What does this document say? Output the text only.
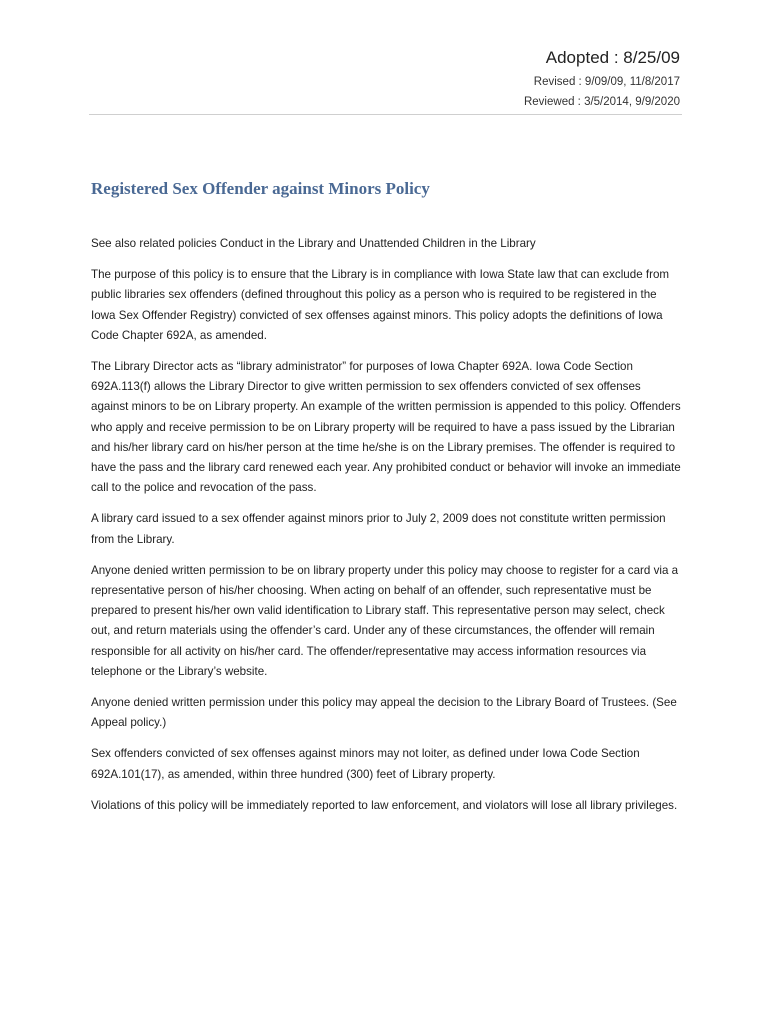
Adopted : 8/25/09
Revised : 9/09/09, 11/8/2017
Reviewed : 3/5/2014, 9/9/2020
Registered Sex Offender against Minors Policy

See also related policies Conduct in the Library and Unattended Children in the Library

The purpose of this policy is to ensure that the Library is in compliance with Iowa State law that can exclude from public libraries sex offenders (defined throughout this policy as a person who is required to be registered in the Iowa Sex Offender Registry) convicted of sex offenses against minors. This policy adopts the definitions of Iowa Code Chapter 692A, as amended.

The Library Director acts as “library administrator” for purposes of Iowa Chapter 692A. Iowa Code Section 692A.113(f) allows the Library Director to give written permission to sex offenders convicted of sex offenses against minors to be on Library property. An example of the written permission is appended to this policy. Offenders who apply and receive permission to be on Library property will be required to have a pass issued by the Librarian and his/her library card on his/her person at the time he/she is on the Library premises. The offender is required to have the pass and the library card renewed each year. Any prohibited conduct or behavior will invoke an immediate call to the police and revocation of the pass.

A library card issued to a sex offender against minors prior to July 2, 2009 does not constitute written permission from the Library.

Anyone denied written permission to be on library property under this policy may choose to register for a card via a representative person of his/her choosing. When acting on behalf of an offender, such representative must be prepared to present his/her own valid identification to Library staff. This representative person may select, check out, and return materials using the offender’s card. Under any of these circumstances, the offender will remain responsible for all activity on his/her card. The offender/representative may access information resources via telephone or the Library’s website.

Anyone denied written permission under this policy may appeal the decision to the Library Board of Trustees. (See Appeal policy.)

Sex offenders convicted of sex offenses against minors may not loiter, as defined under Iowa Code Section 692A.101(17), as amended, within three hundred (300) feet of Library property.

Violations of this policy will be immediately reported to law enforcement, and violators will lose all library privileges.
